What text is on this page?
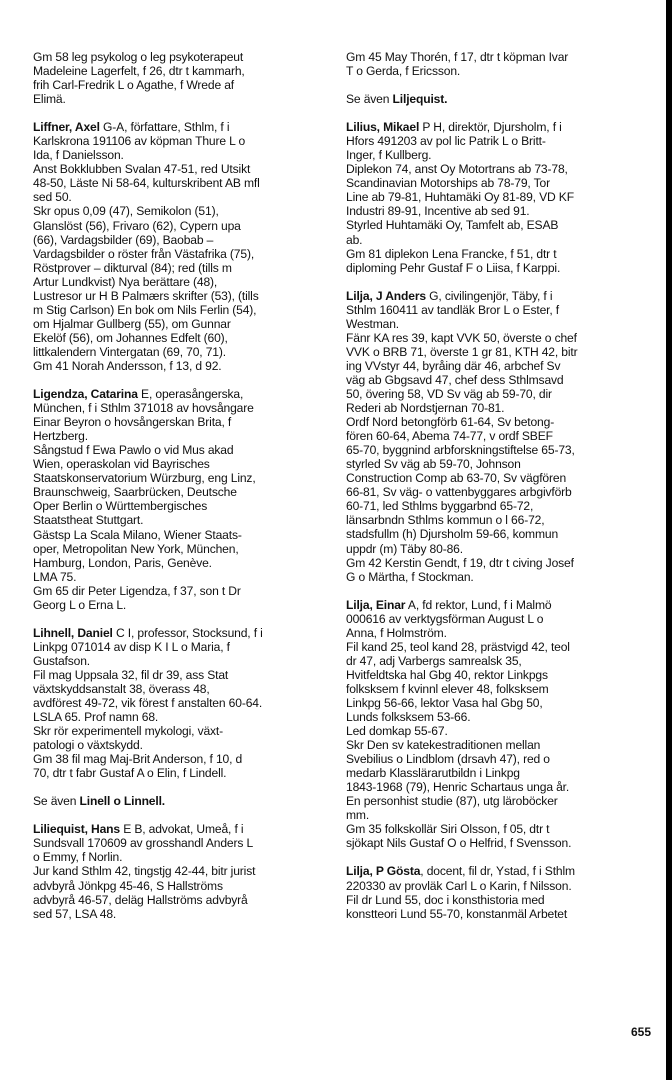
Gm 58 leg psykolog o leg psykoterapeut
Madeleine Lagerfelt, f 26, dtr t kammarh,
frih Carl-Fredrik L o Agathe, f Wrede af
Elimä.
Liffner, Axel G-A, författare, Sthlm, f i
Karlskrona 191106 av köpman Thure L o
Ida, f Danielsson.
Anst Bokklubben Svalan 47-51, red Utsikt
48-50, Läste Ni 58-64, kulturskribent AB mfl
sed 50.
Skr opus 0,09 (47), Semikolon (51),
Glanslöst (56), Frivaro (62), Cypern upa
(66), Vardagsbilder (69), Baobab –
Vardagsbilder o röster från Västafrika (75),
Röstprover – dikturval (84); red (tills m
Artur Lundkvist) Nya berättare (48),
Lustresor ur H B Palmærs skrifter (53), (tills
m Stig Carlson) En bok om Nils Ferlin (54),
om Hjalmar Gullberg (55), om Gunnar
Ekelöf (56), om Johannes Edfelt (60),
littkalendern Vintergatan (69, 70, 71).
Gm 41 Norah Andersson, f 13, d 92.
Ligendza, Catarina E, operasångerska,
München, f i Sthlm 371018 av hovsångare
Einar Beyron o hovsångerskan Brita, f
Hertzberg.
Sångstud f Ewa Pawlo o vid Mus akad
Wien, operaskolan vid Bayrisches
Staatskonservatorium Würzburg, eng Linz,
Braunschweig, Saarbrücken, Deutsche
Oper Berlin o Württembergisches
Staatstheat Stuttgart.
Gästsp La Scala Milano, Wiener Staats-
oper, Metropolitan New York, München,
Hamburg, London, Paris, Genève.
LMA 75.
Gm 65 dir Peter Ligendza, f 37, son t Dr
Georg L o Erna L.
Lihnell, Daniel C I, professor, Stocksund, f i
Linkpg 071014 av disp K I L o Maria, f
Gustafson.
Fil mag Uppsala 32, fil dr 39, ass Stat
växtskyddsanstalt 38, överass 48,
avdförest 49-72, vik förest f anstalten 60-64.
LSLA 65. Prof namn 68.
Skr rör experimentell mykologi, växt-
patologi o växtskydd.
Gm 38 fil mag Maj-Brit Anderson, f 10, d
70, dtr t fabr Gustaf A o Elin, f Lindell.
Se även Linell o Linnell.
Liliequist, Hans E B, advokat, Umeå, f i
Sundsvall 170609 av grosshandl Anders L
o Emmy, f Norlin.
Jur kand Sthlm 42, tingstjg 42-44, bitr jurist
advbyrå Jönkpg 45-46, S Hallströms
advbyrå 46-57, deläg Hallströms advbyrå
sed 57, LSA 48.
Gm 45 May Thorén, f 17, dtr t köpman Ivar
T o Gerda, f Ericsson.
Se även Liljequist.
Lilius, Mikael P H, direktör, Djursholm, f i
Hfors 491203 av pol lic Patrik L o Britt-
Inger, f Kullberg.
Diplekon 74, anst Oy Motortrans ab 73-78,
Scandinavian Motorships ab 78-79, Tor
Line ab 79-81, Huhtamäki Oy 81-89, VD KF
Industri 89-91, Incentive ab sed 91.
Styrled Huhtamäki Oy, Tamfelt ab, ESAB
ab.
Gm 81 diplekon Lena Francke, f 51, dtr t
diploming Pehr Gustaf F o Liisa, f Karppi.
Lilja, J Anders G, civilingenjör, Täby, f i
Sthlm 160411 av tandläk Bror L o Ester, f
Westman.
Fänr KA res 39, kapt VVK 50, överste o chef
VVK o BRB 71, överste 1 gr 81, KTH 42, bitr
ing VVstyr 44, byråing där 46, arbchef Sv
väg ab Gbgsavd 47, chef dess Sthlmsavd
50, övering 58, VD Sv väg ab 59-70, dir
Rederi ab Nordstjernan 70-81.
Ordf Nord betongförb 61-64, Sv betong-
fören 60-64, Abema 74-77, v ordf SBEF
65-70, byggnind arbforskningstiftelse 65-73,
styrled Sv väg ab 59-70, Johnson
Construction Comp ab 63-70, Sv vägfören
66-81, Sv väg- o vattenbyggares arbgivförb
60-71, led Sthlms byggarbnd 65-72,
länsarbndn Sthlms kommun o l 66-72,
stadsfullm (h) Djursholm 59-66, kommun
uppdr (m) Täby 80-86.
Gm 42 Kerstin Gendt, f 19, dtr t civing Josef
G o Märtha, f Stockman.
Lilja, Einar A, fd rektor, Lund, f i Malmö
000616 av verktygsförman August L o
Anna, f Holmström.
Fil kand 25, teol kand 28, prästvigd 42, teol
dr 47, adj Varbergs samrealsk 35,
Hvitfeldtska hal Gbg 40, rektor Linkpgs
folksksem f kvinnl elever 48, folksksem
Linkpg 56-66, lektor Vasa hal Gbg 50,
Lunds folksksem 53-66.
Led domkap 55-67.
Skr Den sv katekestraditionen mellan
Svebilius o Lindblom (drsavh 47), red o
medarb Klasslärarutbildn i Linkpg
1843-1968 (79), Henric Schartaus unga år.
En personhist studie (87), utg läroböcker
mm.
Gm 35 folkskollär Siri Olsson, f 05, dtr t
sjökapt Nils Gustaf O o Helfrid, f Svensson.
Lilja, P Gösta, docent, fil dr, Ystad, f i Sthlm
220330 av provläk Carl L o Karin, f Nilsson.
Fil dr Lund 55, doc i konsthistoria med
konstteori Lund 55-70, konstanmäl Arbetet
655
